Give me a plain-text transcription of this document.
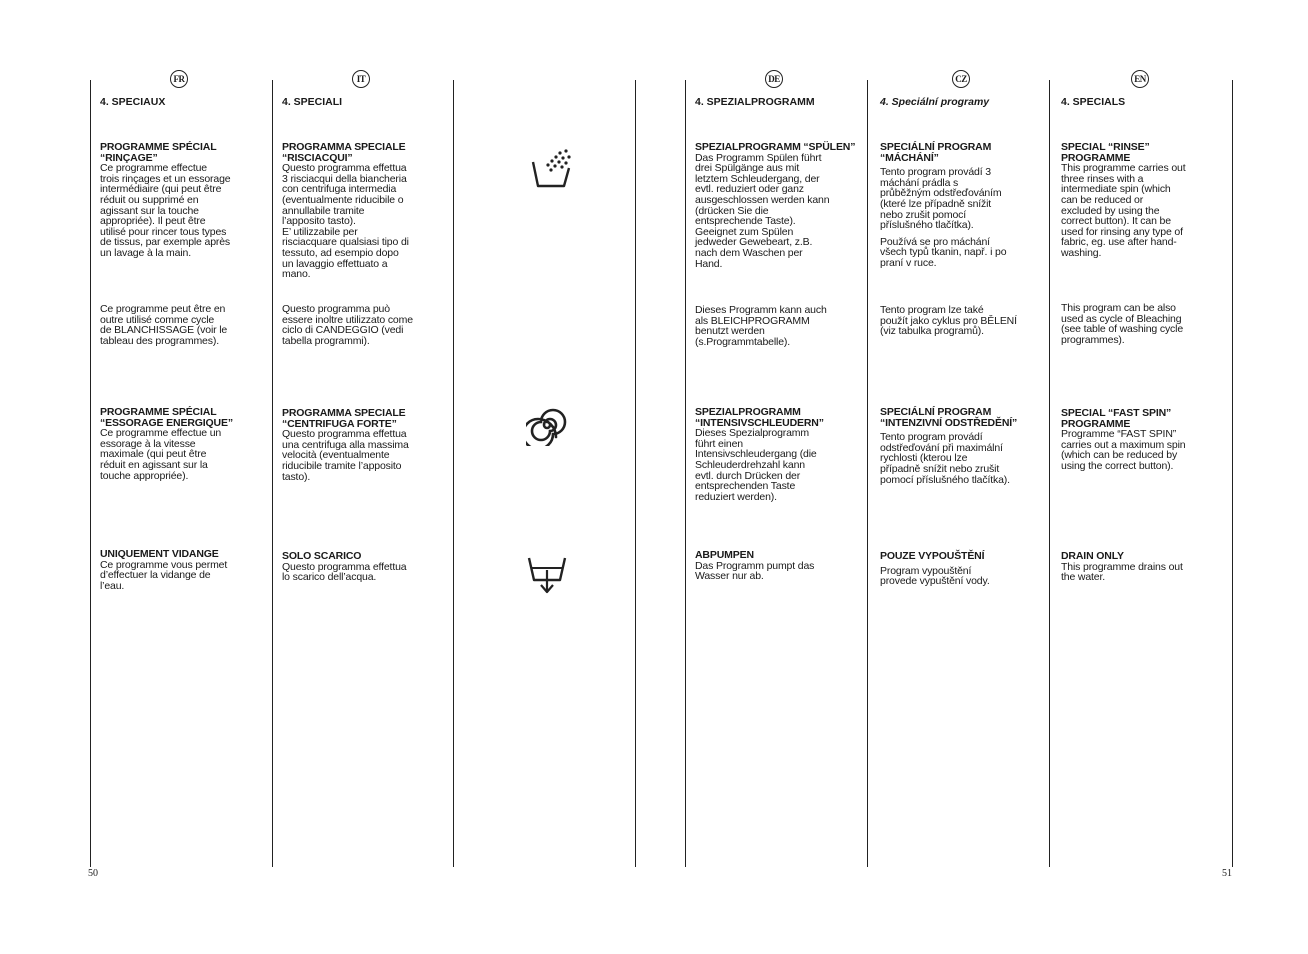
FR
4. SPECIAUX
PROGRAMME SPÉCIAL
“RINÇAGE”
Ce programme effectue
trois rinçages et un essorage
intermédiaire (qui peut être
réduit ou supprimé en
agissant sur la touche
appropriée). Il peut être
utilisé pour rincer tous types
de tissus, par exemple après
un lavage à la main.
Ce programme peut être en
outre utilisé comme cycle
de BLANCHISSAGE (voir le
tableau des programmes).
PROGRAMME SPÉCIAL
“ESSORAGE ENERGIQUE”
Ce programme effectue un
essorage à la vitesse
maximale (qui peut être
réduit en agissant sur la
touche appropriée).
UNIQUEMENT VIDANGE
Ce programme vous permet
d’effectuer la vidange de
l’eau.
IT
4. SPECIALI
PROGRAMMA SPECIALE
“RISCIACQUI”
Questo programma effettua
3 risciacqui della biancheria
con centrifuga intermedia
(eventualmente riducibile o
annullabile tramite
l’apposito tasto).
E’ utilizzabile per
risciacquare qualsiasi tipo di
tessuto, ad esempio dopo
un lavaggio effettuato a
mano.
Questo programma può
essere inoltre utilizzato come
ciclo di CANDEGGIO (vedi
tabella programmi).
PROGRAMMA SPECIALE
“CENTRIFUGA FORTE”
Questo programma effettua
una centrifuga alla massima
velocità (eventualmente
riducibile tramite l’apposito
tasto).
SOLO SCARICO
Questo programma effettua
lo scarico dell’acqua.
DE
4. SPEZIALPROGRAMM
SPEZIALPROGRAMM “SPÜLEN”
Das Programm Spülen führt
drei Spülgänge aus mit
letztem Schleudergang, der
evtl. reduziert oder ganz
ausgeschlossen werden kann
(drücken Sie die
entsprechende Taste).
Geeignet zum Spülen
jedweder Gewebeart, z.B.
nach dem Waschen per
Hand.
Dieses Programm kann auch
als BLEICHPROGRAMM
benutzt werden
(s.Programmtabelle).
SPEZIALPROGRAMM
“INTENSIVSCHLEUDERN”
Dieses Spezialprogramm
führt einen
Intensivschleudergang (die
Schleuderdrehzahl kann
evtl. durch Drücken der
entsprechenden Taste
reduziert werden).
ABPUMPEN
Das Programm pumpt das
Wasser nur ab.
CZ
4. Speciální programy
SPECIÁLNÍ PROGRAM
“MÁCHÁNÍ”
Tento program provádí 3
máchání prádla s
průběžným odstřeďováním
(které lze případně snížit
nebo zrušit pomocí
příslušného tlačítka).
Používá se pro máchání
všech typů tkanin, např. i po
praní v ruce.
Tento program lze také
použít jako cyklus pro BĚLENÍ
(viz tabulka programů).
SPECIÁLNÍ PROGRAM
“INTENZIVNÍ ODSTŘEDĚNÍ”
Tento program provádí
odstřeďování při maximální
rychlosti (kterou lze
případně snížit nebo zrušit
pomocí příslušného tlačítka).
POUZE VYPOUŠTĚNÍ
Program vypouštění
provede vypuštění vody.
EN
4. SPECIALS
SPECIAL “RINSE”
PROGRAMME
This programme carries out
three rinses with a
intermediate spin (which
can be reduced or
excluded by using the
correct button). It can be
used for rinsing any type of
fabric, eg. use after hand-
washing.
This program can be also
used as cycle of Bleaching
(see table of washing cycle
programmes).
SPECIAL “FAST SPIN”
PROGRAMME
Programme “FAST SPIN”
carries out a maximum spin
(which can be reduced by
using the correct button).
DRAIN ONLY
This programme drains out
the water.
50	51
